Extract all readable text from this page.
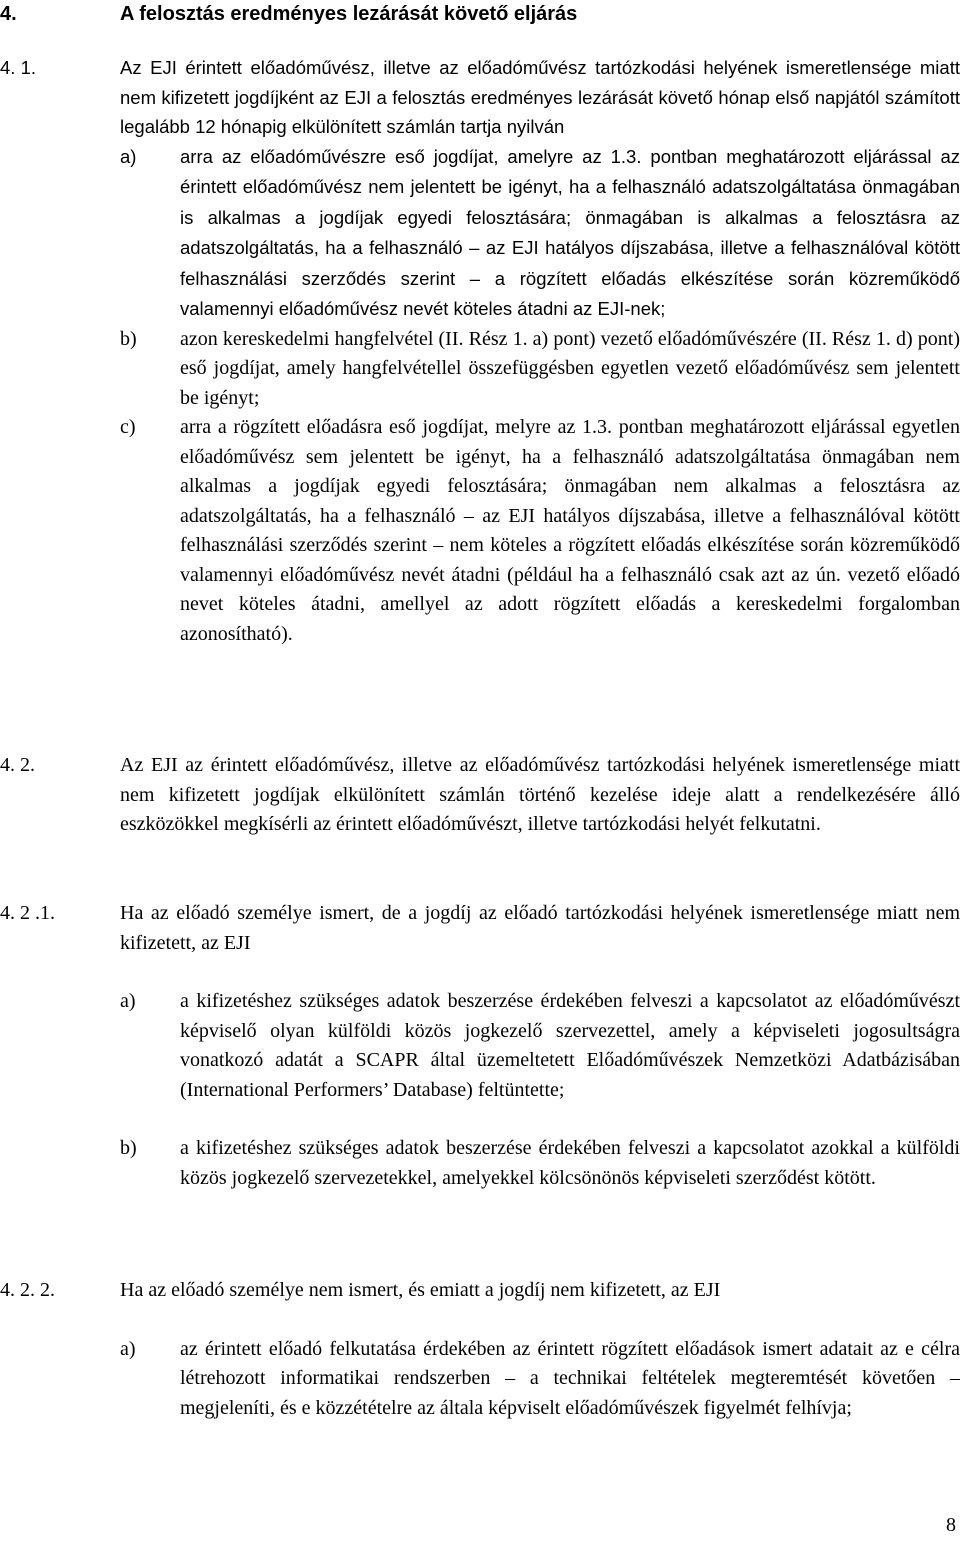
4.	A felosztás eredményes lezárását követő eljárás
4. 1.	Az EJI érintett előadóművész, illetve az előadóművész tartózkodási helyének ismeretlensége miatt nem kifizetett jogdíjként az EJI a felosztás eredményes lezárását követő hónap első napjától számított legalább 12 hónapig elkülönített számlán tartja nyilván
a) arra az előadóművészre eső jogdíjat, amelyre az 1.3. pontban meghatározott eljárással az érintett előadóművész nem jelentett be igényt, ha a felhasználó adatszolgáltatása önmagában is alkalmas a jogdíjak egyedi felosztására; önmagában is alkalmas a felosztásra az adatszolgáltatás, ha a felhasználó – az EJI hatályos díjszabása, illetve a felhasználóval kötött felhasználási szerződés szerint – a rögzített előadás elkészítése során közreműködő valamennyi előadóművész nevét köteles átadni az EJI-nek;
b) azon kereskedelmi hangfelvétel (II. Rész 1. a) pont) vezető előadóművészére (II. Rész 1. d) pont) eső jogdíjat, amely hangfelvétellel összefüggésben egyetlen vezető előadóművész sem jelentett be igényt;
c) arra a rögzített előadásra eső jogdíjat, melyre az 1.3. pontban meghatározott eljárással egyetlen előadóművész sem jelentett be igényt, ha a felhasználó adatszolgáltatása önmagában nem alkalmas a jogdíjak egyedi felosztására; önmagában nem alkalmas a felosztásra az adatszolgáltatás, ha a felhasználó – az EJI hatályos díjszabása, illetve a felhasználóval kötött felhasználási szerződés szerint – nem köteles a rögzített előadás elkészítése során közreműködő valamennyi előadóművész nevét átadni (például ha a felhasználó csak azt az ún. vezető előadó nevet köteles átadni, amellyel az adott rögzített előadás a kereskedelmi forgalomban azonosítható).
4. 2.	Az EJI az érintett előadóművész, illetve az előadóművész tartózkodási helyének ismeretlensége miatt nem kifizetett jogdíjak elkülönített számlán történő kezelése ideje alatt a rendelkezésére álló eszközökkel megkísérli az érintett előadóművészt, illetve tartózkodási helyét felkutatni.
4. 2 .1.	Ha az előadó személye ismert, de a jogdíj az előadó tartózkodási helyének ismeretlensége miatt nem kifizetett, az EJI
a) a kifizetéshez szükséges adatok beszerzése érdekében felveszi a kapcsolatot az előadóművészt képviselő olyan külföldi közös jogkezelő szervezettel, amely a képviseleti jogosultságra vonatkozó adatát a SCAPR által üzemeltetett Előadóművészek Nemzetközi Adatbázisában (International Performers’ Database) feltüntette;
b) a kifizetéshez szükséges adatok beszerzése érdekében felveszi a kapcsolatot azokkal a külföldi közös jogkezelő szervezetekkel, amelyekkel kölcsönönös képviseleti szerződést kötött.
4. 2. 2.	Ha az előadó személye nem ismert, és emiatt a jogdíj nem kifizetett, az EJI
a) az érintett előadó felkutatása érdekében az érintett rögzített előadások ismert adatait az e célra létrehozott informatikai rendszerben – a technikai feltételek megteremtését követően – megjeleníti, és e közzétételre az általa képviselt előadóművészek figyelmét felhívja;
8
